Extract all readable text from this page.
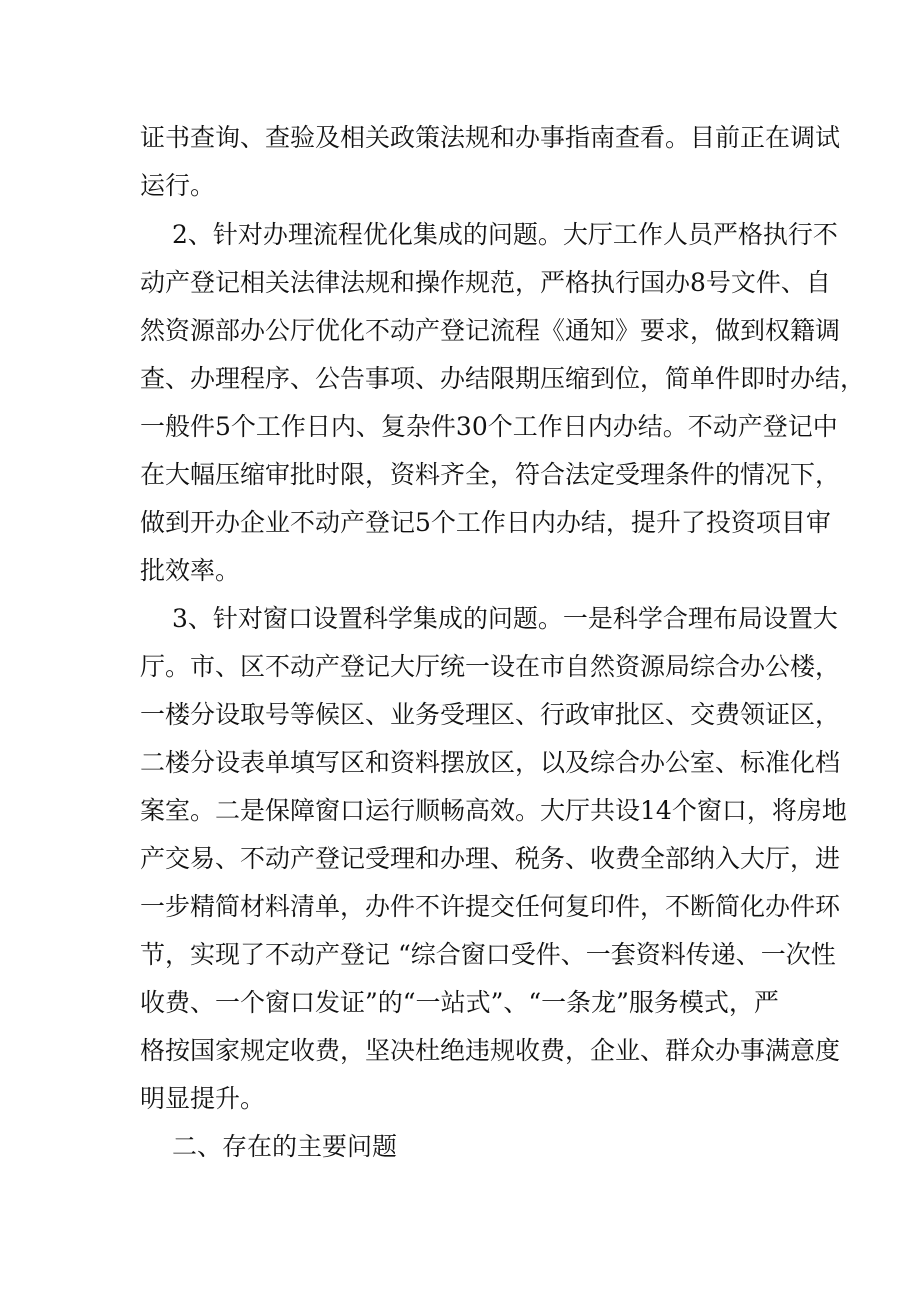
证书查询、查验及相关政策法规和办事指南查看。目前正在调试

运行。

2、针对办理流程优化集成的问题。大厅工作人员严格执行不

动产登记相关法律法规和操作规范，严格执行国办8号文件、自

然资源部办公厅优化不动产登记流程《通知》要求，做到权籍调

查、办理程序、公告事项、办结限期压缩到位，简单件即时办结，

一般件5个工作日内、复杂件30个工作日内办结。不动产登记中

在大幅压缩审批时限，资料齐全，符合法定受理条件的情况下，

做到开办企业不动产登记5个工作日内办结，提升了投资项目审

批效率。

3、针对窗口设置科学集成的问题。一是科学合理布局设置大

厅。市、区不动产登记大厅统一设在市自然资源局综合办公楼，

一楼分设取号等候区、业务受理区、行政审批区、交费领证区，

二楼分设表单填写区和资料摆放区，以及综合办公室、标准化档

案室。二是保障窗口运行顺畅高效。大厅共设14个窗口，将房地

产交易、不动产登记受理和办理、税务、收费全部纳入大厅，进

一步精简材料清单，办件不许提交任何复印件，不断简化办件环

节，实现了不动产登记 “综合窗口受件、一套资料传递、一次性

收费、一个窗口发证”的“一站式”、“一条龙”服务模式，严

格按国家规定收费，坚决杜绝违规收费，企业、群众办事满意度

明显提升。

二、存在的主要问题
